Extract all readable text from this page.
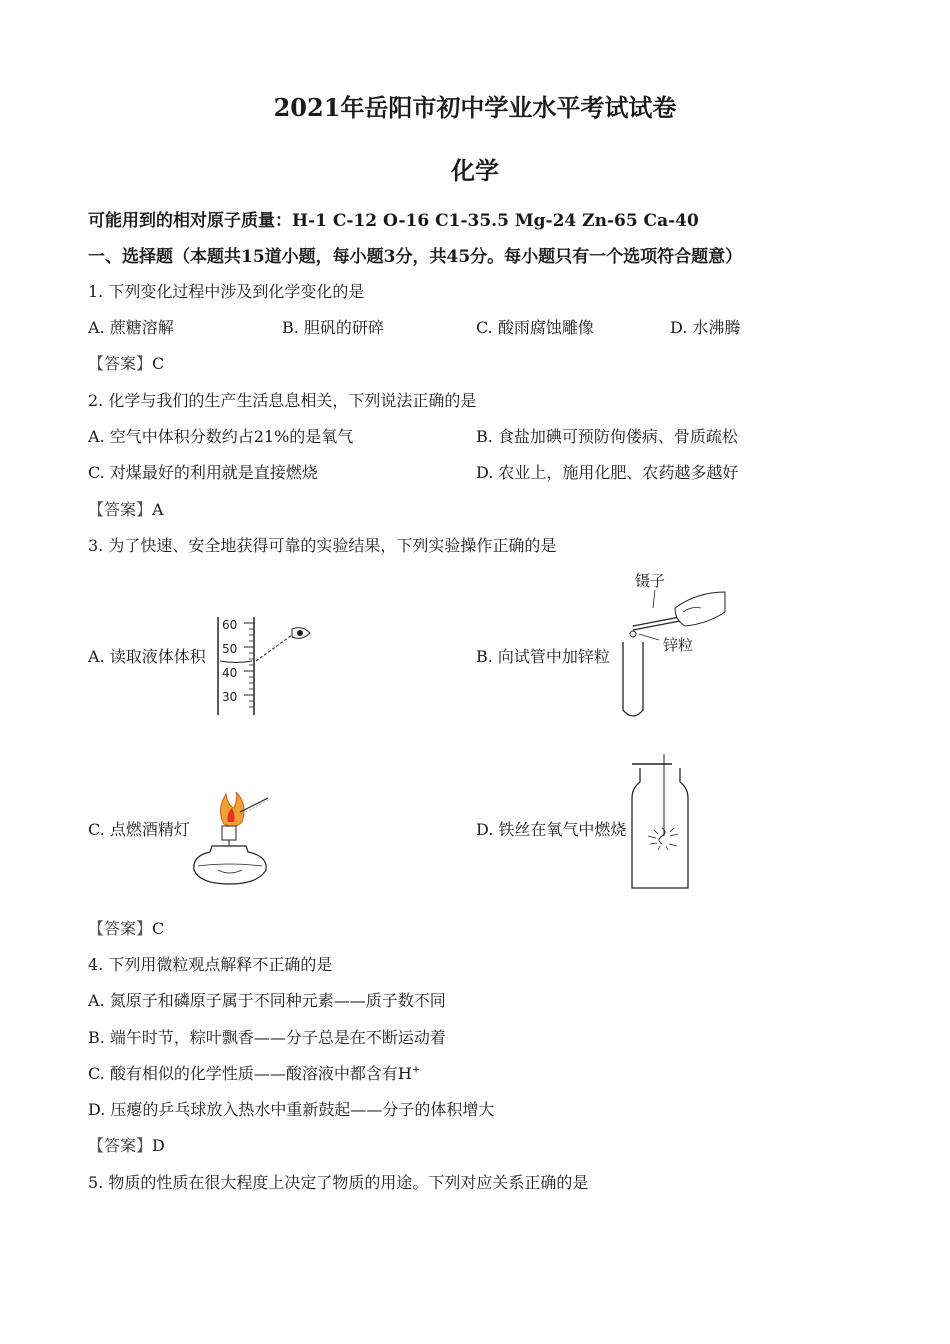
2021年岳阳市初中学业水平考试试卷
化学
可能用到的相对原子质量：H-1 C-12 O-16 C1-35.5 Mg-24 Zn-65 Ca-40
一、选择题（本题共15道小题，每小题3分，共45分。每小题只有一个选项符合题意）
1. 下列变化过程中涉及到化学变化的是
A. 蔗糖溶解	B. 胆矾的研碎	C. 酸雨腐蚀雕像	D. 水沸腾
【答案】C
2. 化学与我们的生产生活息息相关，下列说法正确的是
A. 空气中体积分数约占21%的是氧气	B. 食盐加碘可预防佝偻病、骨质疏松
C. 对煤最好的利用就是直接燃烧	D. 农业上，施用化肥、农药越多越好
【答案】A
3. 为了快速、安全地获得可靠的实验结果，下列实验操作正确的是
A. 读取液体体积	B. 向试管中加锌粒
C. 点燃酒精灯	D. 铁丝在氧气中燃烧
60
50
40
30
镊子
锌粒
【答案】C
4. 下列用微粒观点解释不正确的是
A. 氮原子和磷原子属于不同种元素——质子数不同
B. 端午时节，粽叶飘香——分子总是在不断运动着
C. 酸有相似的化学性质——酸溶液中都含有H+
D. 压瘪的乒乓球放入热水中重新鼓起——分子的体积增大
【答案】D
5. 物质的性质在很大程度上决定了物质的用途。下列对应关系正确的是
